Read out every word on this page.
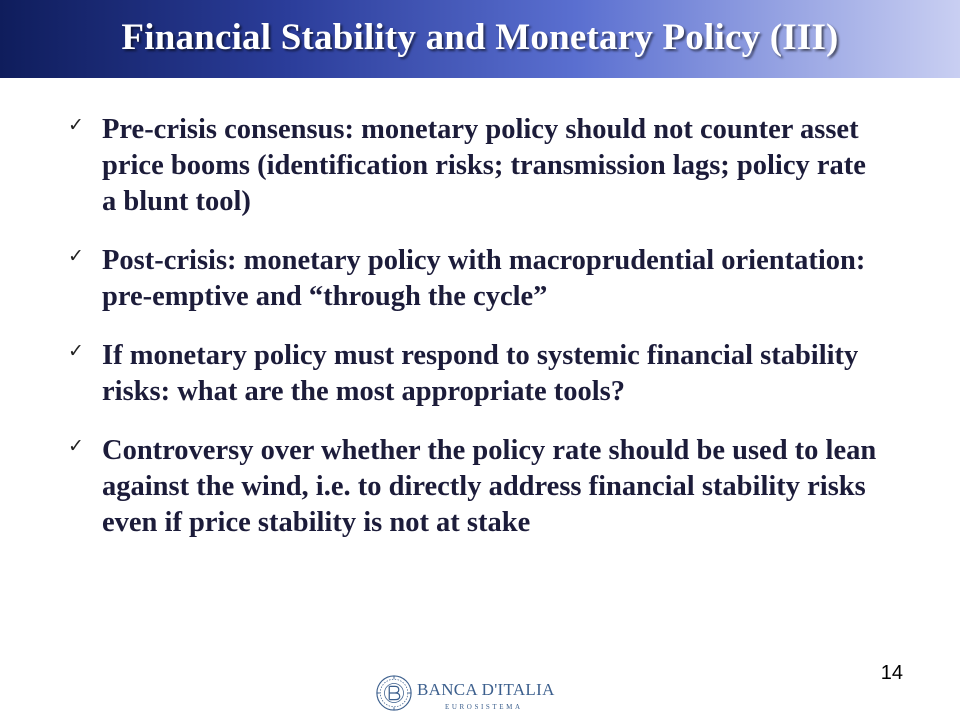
Financial Stability and Monetary Policy (III)
✓ Pre-crisis consensus: monetary policy should not counter asset price booms (identification risks; transmission lags; policy rate a blunt tool)
✓ Post-crisis: monetary policy with macroprudential orientation: pre-emptive and “through the cycle”
✓ If monetary policy must respond to systemic financial stability risks: what are the most appropriate tools?
✓ Controversy over whether the policy rate should be used to lean against the wind, i.e. to directly address financial stability risks even if price stability is not at stake
14
BANCA D'ITALIA
EUROSISTEMA
